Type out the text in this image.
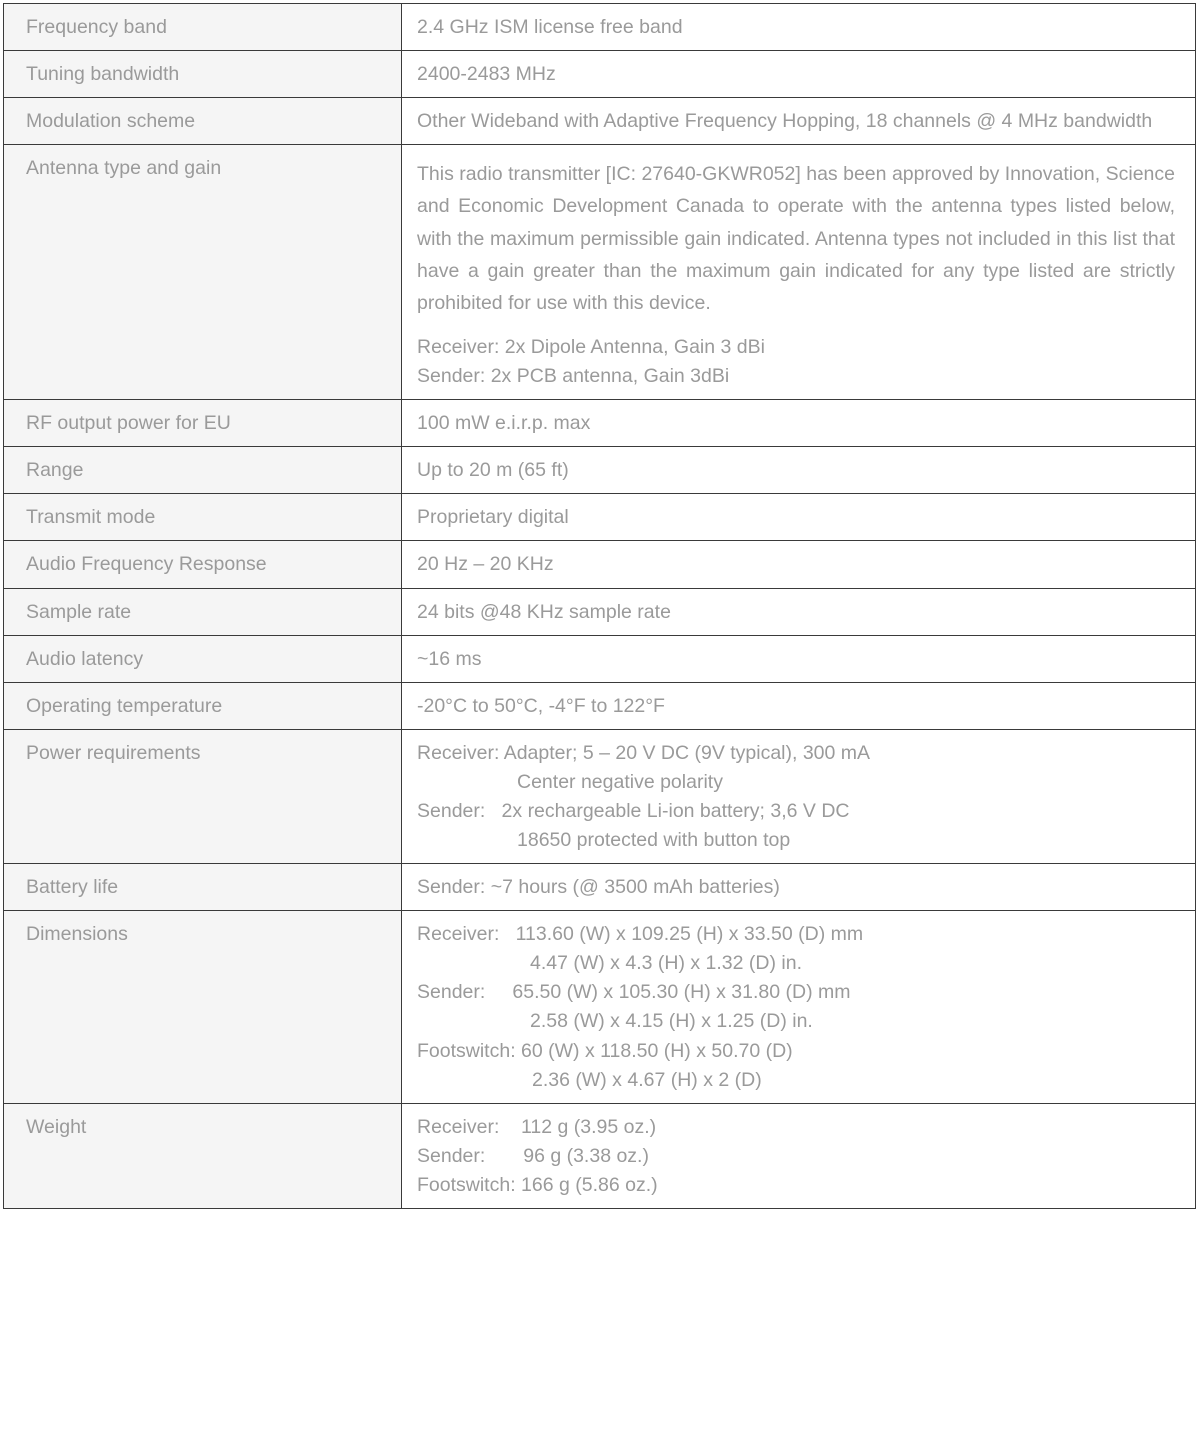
Frequency band	2.4 GHz ISM license free band

Tuning bandwidth	2400-2483 MHz

Modulation scheme	Other Wideband with Adaptive Frequency Hopping, 18 channels @ 4 MHz bandwidth

Antenna type and gain	This radio transmitter [IC: 27640-GKWR052] has been approved by Innovation, Science and Economic Development Canada to operate with the antenna types listed below, with the maximum permissible gain indicated. Antenna types not included in this list that have a gain greater than the maximum gain indicated for any type listed are strictly prohibited for use with this device.
Receiver: 2x Dipole Antenna, Gain 3 dBi
Sender: 2x PCB antenna, Gain 3dBi

RF output power for EU	100 mW e.i.r.p. max

Range	Up to 20 m (65 ft)

Transmit mode	Proprietary digital

Audio Frequency Response	20 Hz – 20 KHz

Sample rate	24 bits @48 KHz sample rate

Audio latency	~16 ms

Operating temperature	-20°C to 50°C, -4°F to 122°F

Power requirements	Receiver: Adapter; 5 – 20 V DC (9V typical), 300 mA
Center negative polarity
Sender:   2x rechargeable Li-ion battery; 3,6 V DC
18650 protected with button top

Battery life	Sender: ~7 hours (@ 3500 mAh batteries)

Dimensions	Receiver:   113.60 (W) x 109.25 (H) x 33.50 (D) mm
4.47 (W) x 4.3 (H) x 1.32 (D) in.
Sender:     65.50 (W) x 105.30 (H) x 31.80 (D) mm
2.58 (W) x 4.15 (H) x 1.25 (D) in.
Footswitch: 60 (W) x 118.50 (H) x 50.70 (D)
2.36 (W) x 4.67 (H) x 2 (D)

Weight	Receiver:    112 g (3.95 oz.)
Sender:       96 g (3.38 oz.)
Footswitch: 166 g (5.86 oz.)
